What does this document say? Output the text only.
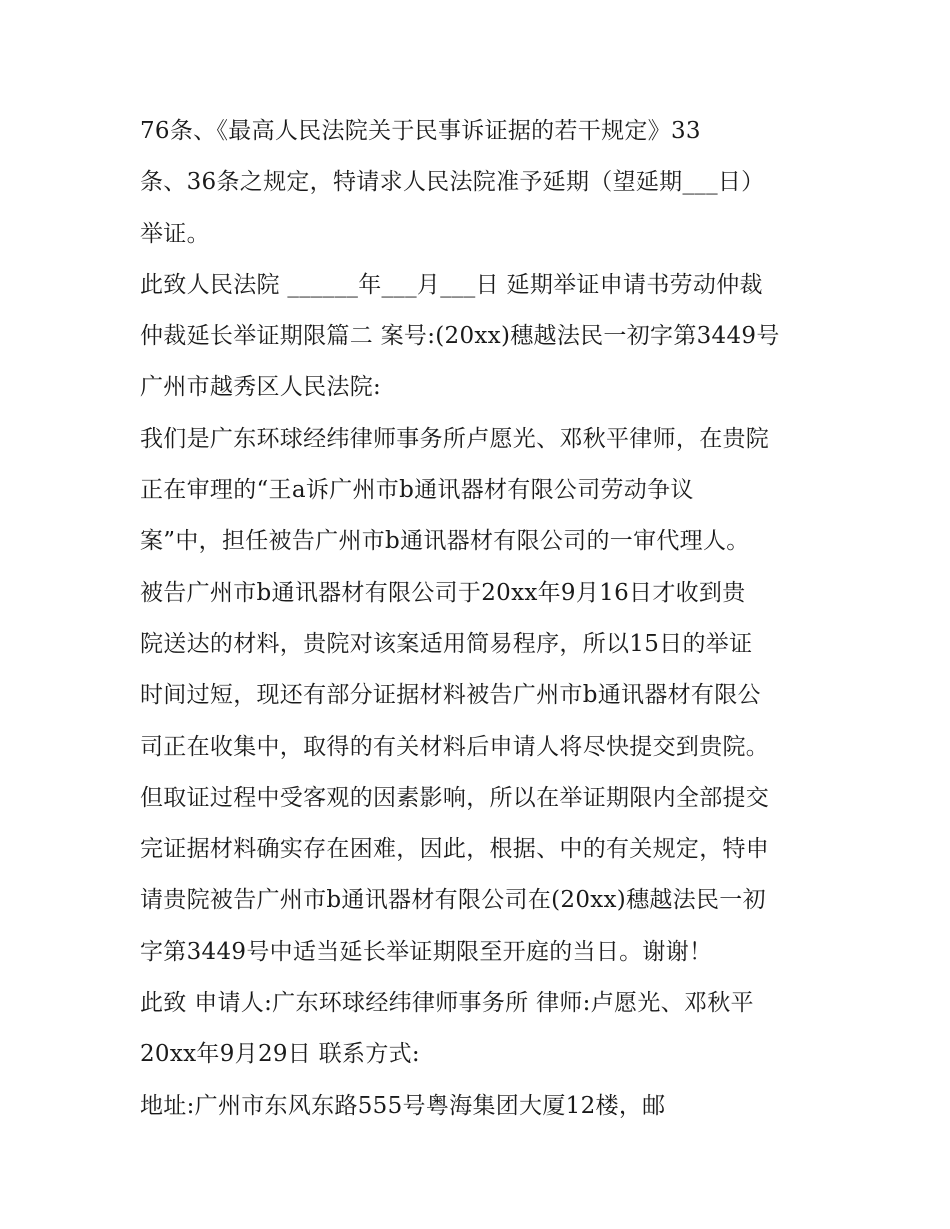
76条、《最高人民法院关于民事诉证据的若干规定》33
条、36条之规定，特请求人民法院准予延期（望延期___日）
举证。
此致人民法院 ______年___月___日 延期举证申请书劳动仲裁
仲裁延长举证期限篇二 案号:(20xx)穗越法民一初字第3449号
广州市越秀区人民法院:
我们是广东环球经纬律师事务所卢愿光、邓秋平律师，在贵院
正在审理的“王a诉广州市b通讯器材有限公司劳动争议
案”中，担任被告广州市b通讯器材有限公司的一审代理人。
被告广州市b通讯器材有限公司于20xx年9月16日才收到贵
院送达的材料，贵院对该案适用简易程序，所以15日的举证
时间过短，现还有部分证据材料被告广州市b通讯器材有限公
司正在收集中，取得的有关材料后申请人将尽快提交到贵院。
但取证过程中受客观的因素影响，所以在举证期限内全部提交
完证据材料确实存在困难，因此，根据、中的有关规定，特申
请贵院被告广州市b通讯器材有限公司在(20xx)穗越法民一初
字第3449号中适当延长举证期限至开庭的当日。谢谢！
此致 申请人:广东环球经纬律师事务所 律师:卢愿光、邓秋平
20xx年9月29日 联系方式:
地址:广州市东风东路555号粤海集团大厦12楼，邮
